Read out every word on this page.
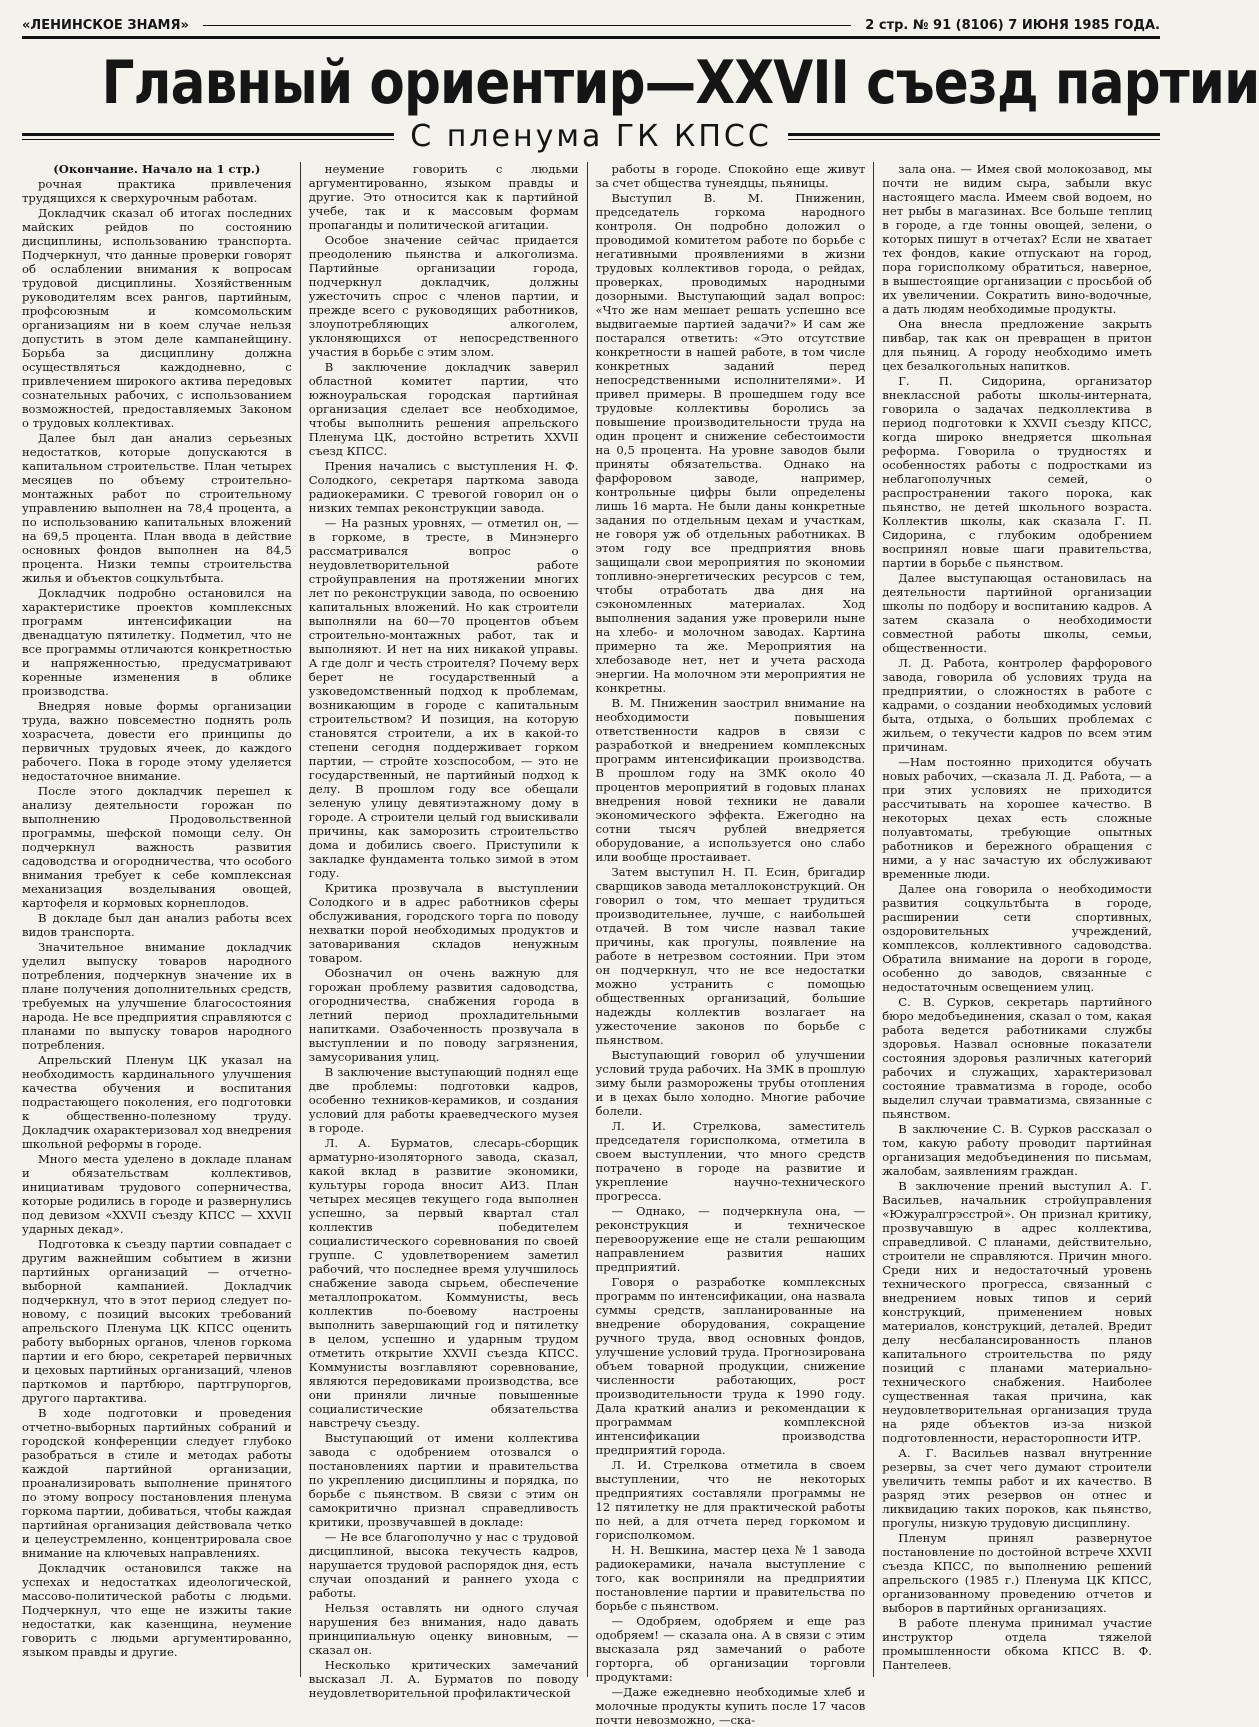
«ЛЕНИНСКОЕ ЗНАМЯ»	2 стр. № 91 (8106) 7 ИЮНЯ 1985 ГОДА.
Главный ориентир—XXVII съезд партии
С пленума ГК КПСС

(Окончание. Начало на 1 стр.)

рочная практика привлечения трудящихся к сверхурочным работам.

Докладчик сказал об итогах последних майских рейдов по состоянию дисциплины, использованию транспорта. Подчеркнул, что данные проверки говорят об ослаблении внимания к вопросам трудовой дисциплины. Хозяйственным руководителям всех рангов, партийным, профсоюзным и комсомольским организациям ни в коем случае нельзя допустить в этом деле кампанейщину. Борьба за дисциплину должна осуществляться каждодневно, с привлечением широкого актива передовых сознательных рабочих, с использованием возможностей, предоставляемых Законом о трудовых коллективах.

Далее был дан анализ серьезных недостатков, которые допускаются в капитальном строительстве. План четырех месяцев по объему строительно-монтажных работ по строительному управлению выполнен на 78,4 процента, а по использованию капитальных вложений на 69,5 процента. План ввода в действие основных фондов выполнен на 84,5 процента. Низки темпы строительства жилья и объектов соцкультбыта.

Докладчик подробно остановился на характеристике проектов комплексных программ интенсификации на двенадцатую пятилетку. Подметил, что не все программы отличаются конкретностью и напряженностью, предусматривают коренные изменения в облике производства.

Внедряя новые формы организации труда, важно повсеместно поднять роль хозрасчета, довести его принципы до первичных трудовых ячеек, до каждого рабочего. Пока в городе этому уделяется недостаточное внимание.

После этого докладчик перешел к анализу деятельности горожан по выполнению Продовольственной программы, шефской помощи селу. Он подчеркнул важность развития садоводства и огородничества, что особого внимания требует к себе комплексная механизация возделывания овощей, картофеля и кормовых корнеплодов.

В докладе был дан анализ работы всех видов транспорта.

Значительное внимание докладчик уделил выпуску товаров народного потребления, подчеркнув значение их в плане получения дополнительных средств, требуемых на улучшение благосостояния народа. Не все предприятия справляются с планами по выпуску товаров народного потребления.

Апрельский Пленум ЦК указал на необходимость кардинального улучшения качества обучения и воспитания подрастающего поколения, его подготовки к общественно-полезному труду. Докладчик охарактеризовал ход внедрения школьной реформы в городе.

Много места уделено в докладе планам и обязательствам коллективов, инициативам трудового соперничества, которые родились в городе и развернулись под девизом «XXVII съезду КПСС — XXVII ударных декад».

Подготовка к съезду партии совпадает с другим важнейшим событием в жизни партийных организаций — отчетно-выборной кампанией. Докладчик подчеркнул, что в этот период следует по-новому, с позиций высоких требований апрельского Пленума ЦК КПСС оценить работу выборных органов, членов горкома партии и его бюро, секретарей первичных и цеховых партийных организаций, членов парткомов и партбюро, партгрупоргов, другого партактива.

В ходе подготовки и проведения отчетно-выборных партийных собраний и городской конференции следует глубоко разобраться в стиле и методах работы каждой партийной организации, проанализировать выполнение принятого по этому вопросу постановления пленума горкома партии, добиваться, чтобы каждая партийная организация действовала четко и целеустремленно, концентрировала свое внимание на ключевых направлениях.

Докладчик остановился также на успехах и недостатках идеологической, массово-политической работы с людьми. Подчеркнул, что еще не изжиты такие недостатки, как казенщина, неумение говорить с людьми аргументированно, языком правды и другие.

неумение говорить с людьми аргументированно, языком правды и другие. Это относится как к партийной учебе, так и к массовым формам пропаганды и политической агитации.

Особое значение сейчас придается преодолению пьянства и алкоголизма. Партийные организации города, подчеркнул докладчик, должны ужесточить спрос с членов партии, и прежде всего с руководящих работников, злоупотребляющих алкоголем, уклоняющихся от непосредственного участия в борьбе с этим злом.

В заключение докладчик заверил областной комитет партии, что южноуральская городская партийная организация сделает все необходимое, чтобы выполнить решения апрельского Пленума ЦК, достойно встретить XXVII съезд КПСС.

Прения начались с выступления Н. Ф. Солодкого, секретаря парткома завода радиокерамики. С тревогой говорил он о низких темпах реконструкции завода.

— На разных уровнях, — отметил он, — в горкоме, в тресте, в Минэнерго рассматривался вопрос о неудовлетворительной работе стройуправления на протяжении многих лет по реконструкции завода, по освоению капитальных вложений. Но как строители выполняли на 60—70 процентов объем строительно-монтажных работ, так и выполняют. И нет на них никакой управы. А где долг и честь строителя? Почему верх берет не государственный а узковедомственный подход к проблемам, возникающим в городе с капитальным строительством? И позиция, на которую становятся строители, а их в какой-то степени сегодня поддерживает горком партии, — стройте хозспособом, — это не государственный, не партийный подход к делу. В прошлом году все обещали зеленую улицу девятиэтажному дому в городе. А строители целый год выискивали причины, как заморозить строительство дома и добились своего. Приступили к закладке фундамента только зимой в этом году.

Критика прозвучала в выступлении Солодкого и в адрес работников сферы обслуживания, городского торга по поводу нехватки порой необходимых продуктов и затоваривания складов ненужным товаром.

Обозначил он очень важную для горожан проблему развития садоводства, огородничества, снабжения города в летний период прохладительными напитками. Озабоченность прозвучала в выступлении и по поводу загрязнения, замусоривания улиц.

В заключение выступающий поднял еще две проблемы: подготовки кадров, особенно техников-керамиков, и создания условий для работы краеведческого музея в городе.

Л. А. Бурматов, слесарь-сборщик арматурно-изоляторного завода, сказал, какой вклад в развитие экономики, культуры города вносит АИЗ. План четырех месяцев текущего года выполнен успешно, за первый квартал стал коллектив победителем социалистического соревнования по своей группе. С удовлетворением заметил рабочий, что последнее время улучшилось снабжение завода сырьем, обеспечение металлопрокатом. Коммунисты, весь коллектив по-боевому настроены выполнить завершающий год и пятилетку в целом, успешно и ударным трудом отметить открытие XXVII съезда КПСС. Коммунисты возглавляют соревнование, являются передовиками производства, все они приняли личные повышенные социалистические обязательства навстречу съезду.

Выступающий от имени коллектива завода с одобрением отозвался о постановлениях партии и правительства по укреплению дисциплины и порядка, по борьбе с пьянством. В связи с этим он самокритично признал справедливость критики, прозвучавшей в докладе:

— Не все благополучно у нас с трудовой дисциплиной, высока текучесть кадров, нарушается трудовой распорядок дня, есть случаи опозданий и раннего ухода с работы.

Нельзя оставлять ни одного случая нарушения без внимания, надо давать принципиальную оценку виновным, — сказал он.

Несколько критических замечаний высказал Л. А. Бурматов по поводу неудовлетворительной профилактической

работы в городе. Спокойно еще живут за счет общества тунеядцы, пьяницы.

Выступил В. М. Пниженин, председатель горкома народного контроля. Он подробно доложил о проводимой комитетом работе по борьбе с негативными проявлениями в жизни трудовых коллективов города, о рейдах, проверках, проводимых народными дозорными. Выступающий задал вопрос: «Что же нам мешает решать успешно все выдвигаемые партией задачи?» И сам же постарался ответить: «Это отсутствие конкретности в нашей работе, в том числе конкретных заданий перед непосредственными исполнителями». И привел примеры. В прошедшем году все трудовые коллективы боролись за повышение производительности труда на один процент и снижение себестоимости на 0,5 процента. На уровне заводов были приняты обязательства. Однако на фарфоровом заводе, например, контрольные цифры были определены лишь 16 марта. Не были даны конкретные задания по отдельным цехам и участкам, не говоря уж об отдельных работниках. В этом году все предприятия вновь защищали свои мероприятия по экономии топливно-энергетических ресурсов с тем, чтобы отработать два дня на сэкономленных материалах. Ход выполнения задания уже проверили ныне на хлебо- и молочном заводах. Картина примерно та же. Мероприятия на хлебозаводе нет, нет и учета расхода энергии. На молочном эти мероприятия не конкретны.

В. М. Пниженин заострил внимание на необходимости повышения ответственности кадров в связи с разработкой и внедрением комплексных программ интенсификации производства. В прошлом году на ЗМК около 40 процентов мероприятий в годовых планах внедрения новой техники не давали экономического эффекта. Ежегодно на сотни тысяч рублей внедряется оборудование, а используется оно слабо или вообще простаивает.

Затем выступил Н. П. Есин, бригадир сварщиков завода металлоконструкций. Он говорил о том, что мешает трудиться производительнее, лучше, с наибольшей отдачей. В том числе назвал такие причины, как прогулы, появление на работе в нетрезвом состоянии. При этом он подчеркнул, что не все недостатки можно устранить с помощью общественных организаций, большие надежды коллектив возлагает на ужесточение законов по борьбе с пьянством.

Выступающий говорил об улучшении условий труда рабочих. На ЗМК в прошлую зиму были разморожены трубы отопления и в цехах было холодно. Многие рабочие болели.

Л. И. Стрелкова, заместитель председателя горисполкома, отметила в своем выступлении, что много средств потрачено в городе на развитие и укрепление научно-технического прогресса.

— Однако, — подчеркнула она, — реконструкция и техническое перевооружение еще не стали решающим направлением развития наших предприятий.

Говоря о разработке комплексных программ по интенсификации, она назвала суммы средств, запланированные на внедрение оборудования, сокращение ручного труда, ввод основных фондов, улучшение условий труда. Прогнозирована объем товарной продукции, снижение численности работающих, рост производительности труда к 1990 году. Дала краткий анализ и рекомендации к программам комплексной интенсификации производства предприятий города.

Л. И. Стрелкова отметила в своем выступлении, что не некоторых предприятиях составляли программы не 12 пятилетку не для практической работы по ней, а для отчета перед горкомом и горисполкомом.

Н. Н. Вешкина, мастер цеха № 1 завода радиокерамики, начала выступление с того, как восприняли на предприятии постановление партии и правительства по борьбе с пьянством.

— Одобряем, одобряем и еще раз одобряем! — сказала она. А в связи с этим высказала ряд замечаний о работе горторга, об организации торговли продуктами:

—Даже ежедневно необходимые хлеб и молочные продукты купить после 17 часов почти невозможно, —ска-

зала она. — Имея свой молокозавод, мы почти не видим сыра, забыли вкус настоящего масла. Имеем свой водоем, но нет рыбы в магазинах. Все больше теплиц в городе, а где тонны овощей, зелени, о которых пишут в отчетах? Если не хватает тех фондов, какие отпускают на город, пора горисполкому обратиться, наверное, в вышестоящие организации с просьбой об их увеличении. Сократить вино-водочные, а дать людям необходимые продукты.

Она внесла предложение закрыть пивбар, так как он превращен в притон для пьяниц. А городу необходимо иметь цех безалкогольных напитков.

Г. П. Сидорина, организатор внеклассной работы школы-интерната, говорила о задачах педколлектива в период подготовки к XXVII съезду КПСС, когда широко внедряется школьная реформа. Говорила о трудностях и особенностях работы с подростками из неблагополучных семей, о распространении такого порока, как пьянство, не детей школьного возраста. Коллектив школы, как сказала Г. П. Сидорина, с глубоким одобрением воспринял новые шаги правительства, партии в борьбе с пьянством.

Далее выступающая остановилась на деятельности партийной организации школы по подбору и воспитанию кадров. А затем сказала о необходимости совместной работы школы, семьи, общественности.

Л. Д. Работа, контролер фарфорового завода, говорила об условиях труда на предприятии, о сложностях в работе с кадрами, о создании необходимых условий быта, отдыха, о больших проблемах с жильем, о текучести кадров по всем этим причинам.

—Нам постоянно приходится обучать новых рабочих, —сказала Л. Д. Работа, — а при этих условиях не приходится рассчитывать на хорошее качество. В некоторых цехах есть сложные полуавтоматы, требующие опытных работников и бережного обращения с ними, а у нас зачастую их обслуживают временные люди.

Далее она говорила о необходимости развития соцкультбыта в городе, расширении сети спортивных, оздоровительных учреждений, комплексов, коллективного садоводства. Обратила внимание на дороги в городе, особенно до заводов, связанные с недостаточным освещением улиц.

С. В. Сурков, секретарь партийного бюро медобъединения, сказал о том, какая работа ведется работниками службы здоровья. Назвал основные показатели состояния здоровья различных категорий рабочих и служащих, характеризовал состояние травматизма в городе, особо выделил случаи травматизма, связанные с пьянством.

В заключение С. В. Сурков рассказал о том, какую работу проводит партийная организация медобъединения по письмам, жалобам, заявлениям граждан.

В заключение прений выступил А. Г. Васильев, начальник стройуправления «Южуралгрэсстрой». Он признал критику, прозвучавшую в адрес коллектива, справедливой. С планами, действительно, строители не справляются. Причин много. Среди них и недостаточный уровень технического прогресса, связанный с внедрением новых типов и серий конструкций, применением новых материалов, конструкций, деталей. Вредит делу несбалансированность планов капитального строительства по ряду позиций с планами материально-технического снабжения. Наиболее существенная такая причина, как неудовлетворительная организация труда на ряде объектов из-за низкой подготовленности, нерасторопности ИТР.

А. Г. Васильев назвал внутренние резервы, за счет чего думают строители увеличить темпы работ и их качество. В разряд этих резервов он отнес и ликвидацию таких пороков, как пьянство, прогулы, низкую трудовую дисциплину.

Пленум принял развернутое постановление по достойной встрече XXVII съезда КПСС, по выполнению решений апрельского (1985 г.) Пленума ЦК КПСС, организованному проведению отчетов и выборов в партийных организациях.

В работе пленума принимал участие инструктор отдела тяжелой промышленности обкома КПСС В. Ф. Пантелеев.
